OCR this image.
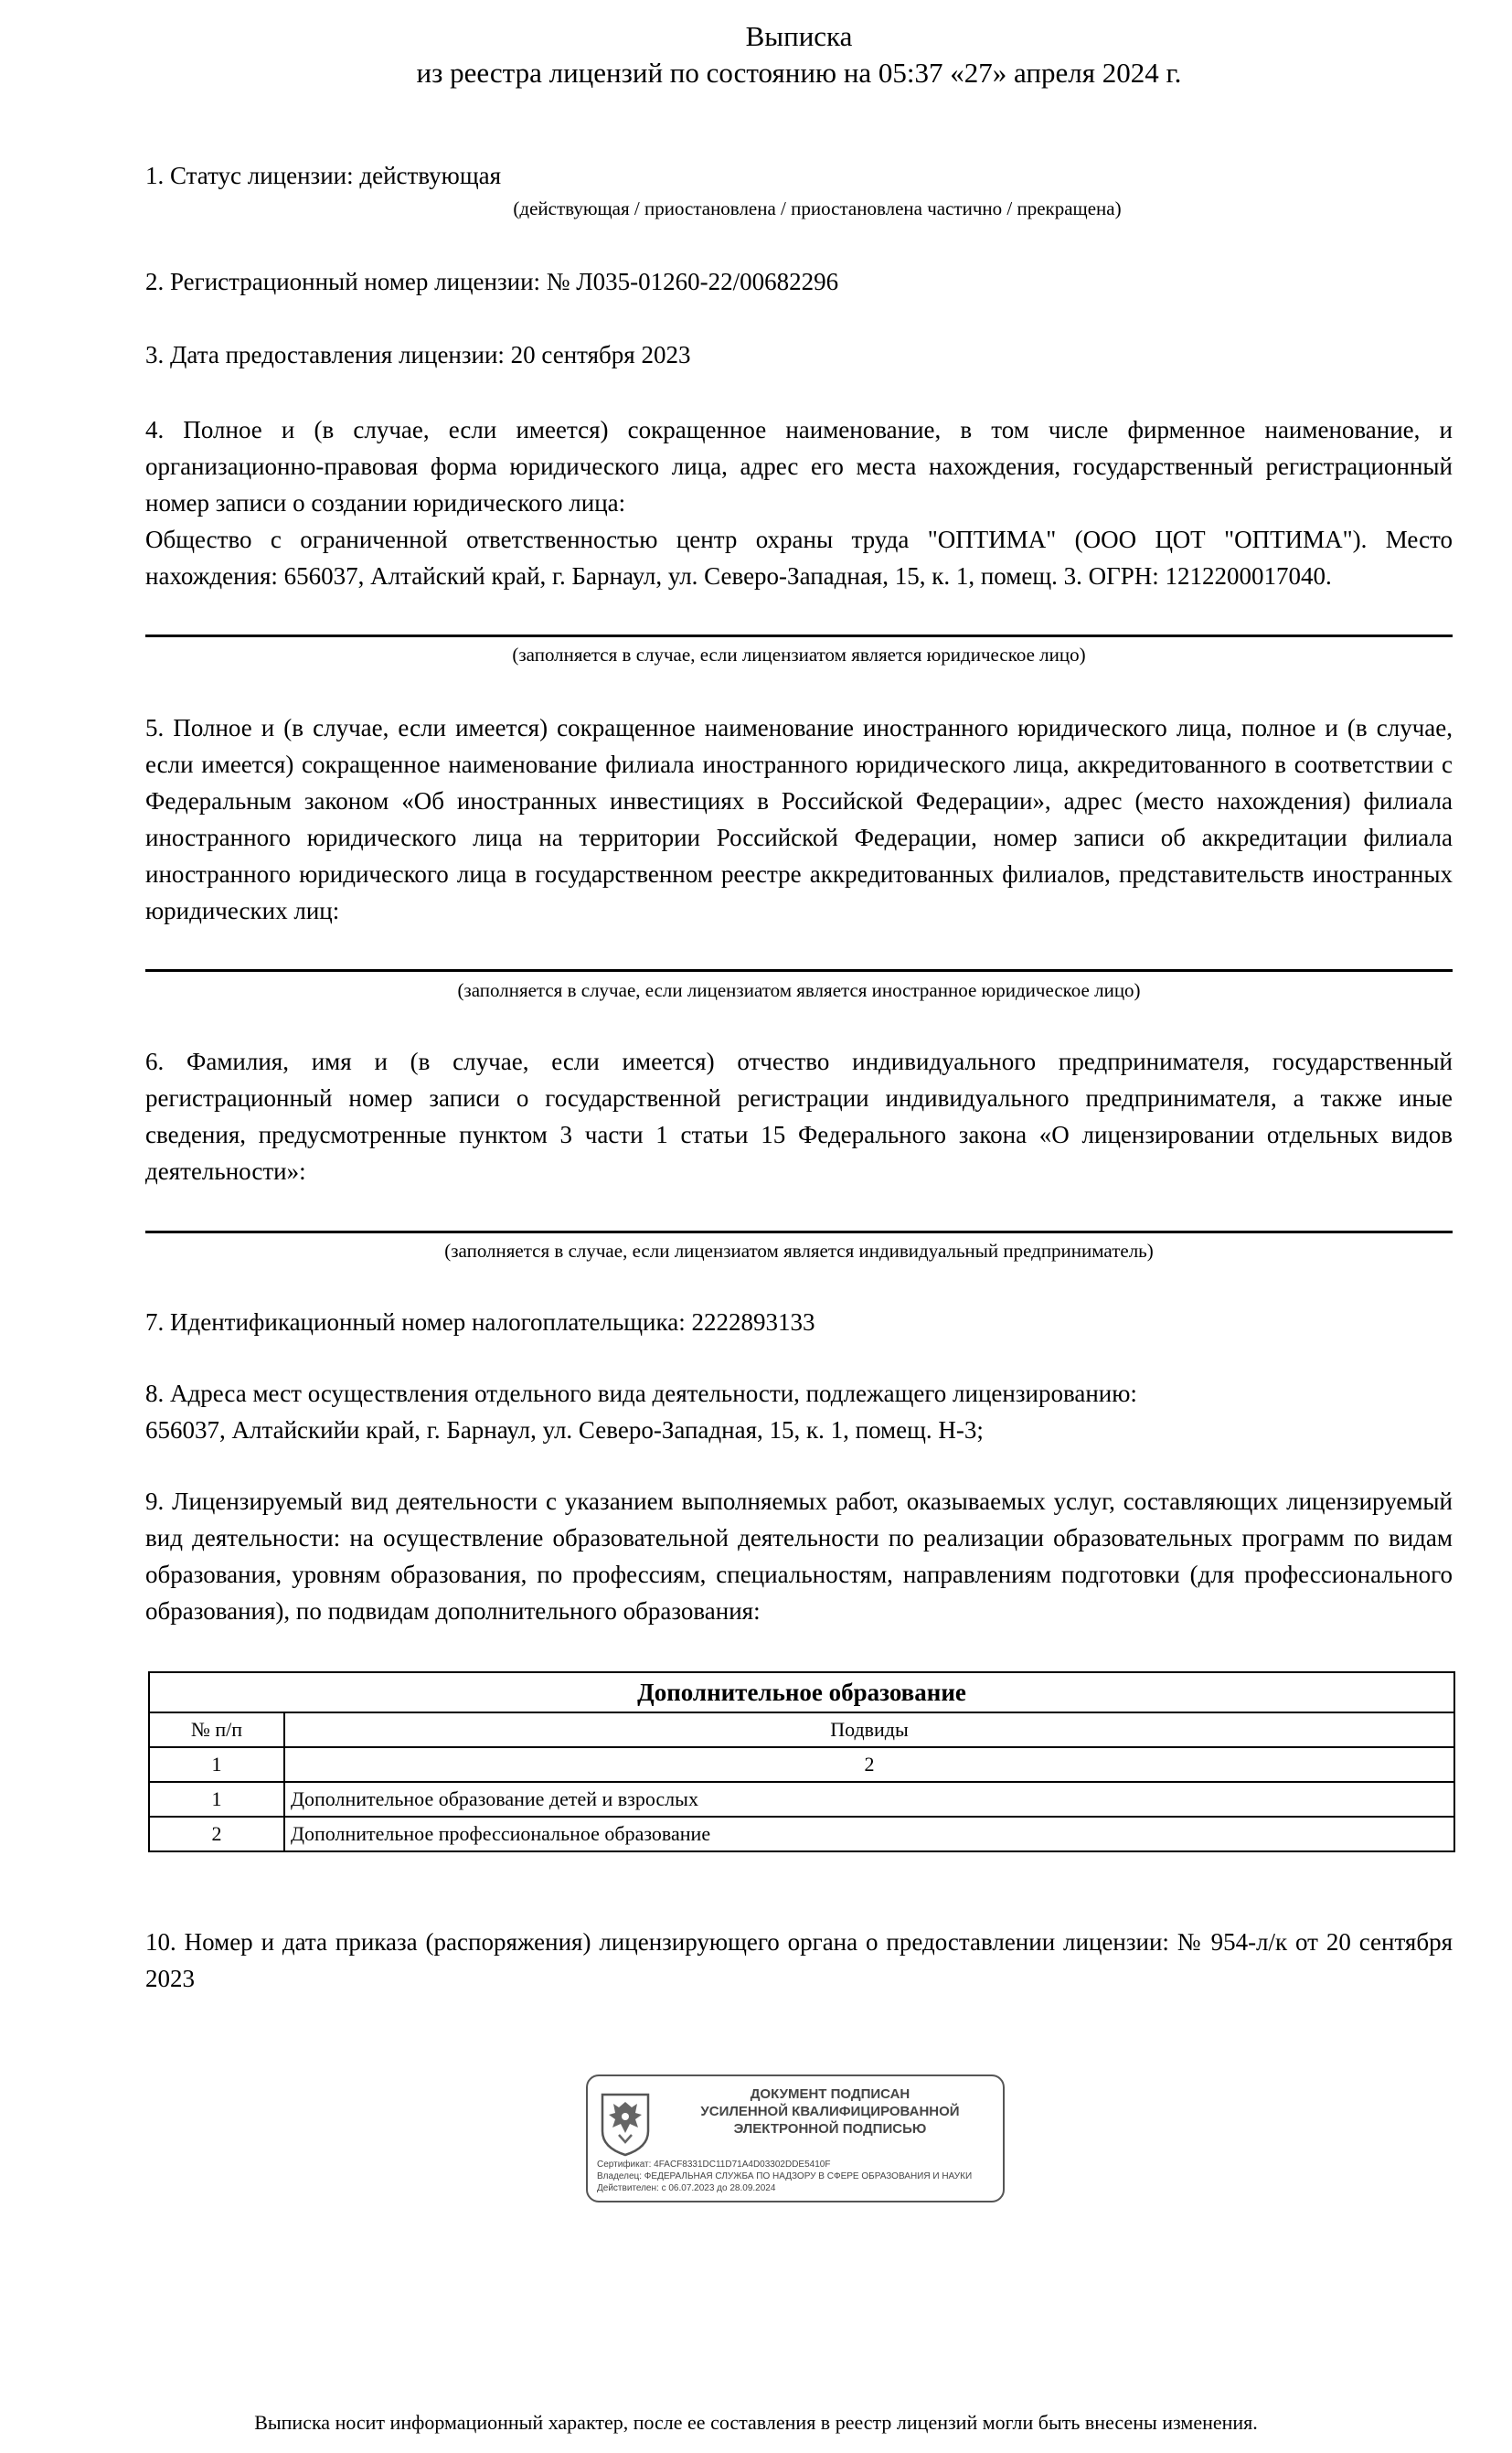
Выписка
из реестра лицензий по состоянию на 05:37 «27» апреля 2024 г.
1. Статус лицензии: действующая
(действующая / приостановлена / приостановлена частично / прекращена)
2. Регистрационный номер лицензии: № Л035-01260-22/00682296
3. Дата предоставления лицензии: 20 сентября 2023

4. Полное и (в случае, если имеется) сокращенное наименование, в том числе фирменное наименование, и организационно-правовая форма юридического лица, адрес его места нахождения, государственный регистрационный номер записи о создании юридического лица:

Общество с ограниченной ответственностью центр охраны труда "ОПТИМА" (ООО ЦОТ "ОПТИМА"). Место нахождения: 656037, Алтайский край, г. Барнаул, ул. Северо-Западная, 15, к. 1, помещ. 3. ОГРН: 1212200017040.

(заполняется в случае, если лицензиатом является юридическое лицо)
5. Полное и (в случае, если имеется) сокращенное наименование иностранного юридического лица, полное и (в случае, если имеется) сокращенное наименование филиала иностранного юридического лица, аккредитованного в соответствии с Федеральным законом «Об иностранных инвестициях в Российской Федерации», адрес (место нахождения) филиала иностранного юридического лица на территории Российской Федерации, номер записи об аккредитации филиала иностранного юридического лица в государственном реестре аккредитованных филиалов, представительств иностранных юридических лиц:
(заполняется в случае, если лицензиатом является иностранное юридическое лицо)
6. Фамилия, имя и (в случае, если имеется) отчество индивидуального предпринимателя, государственный регистрационный номер записи о государственной регистрации индивидуального предпринимателя, а также иные сведения, предусмотренные пунктом 3 части 1 статьи 15 Федерального закона «О лицензировании отдельных видов деятельности»:
(заполняется в случае, если лицензиатом является индивидуальный предприниматель)
7. Идентификационный номер налогоплательщика: 2222893133

8. Адреса мест осуществления отдельного вида деятельности, подлежащего лицензированию:

656037, Алтайскийи край, г. Барнаул, ул. Северо-Западная, 15, к. 1, помещ. Н-3;

9. Лицензируемый вид деятельности с указанием выполняемых работ, оказываемых услуг, составляющих лицензируемый вид деятельности: на осуществление образовательной деятельности по реализации образовательных программ по видам образования, уровням образования, по профессиям, специальностям, направлениям подготовки (для профессионального образования), по подвидам дополнительного образования:
Дополнительное образование	
№ п/п	Подвиды
1	2
1	Дополнительное образование детей и взрослых
2	Дополнительное профессиональное образование
10. Номер и дата приказа (распоряжения) лицензирующего органа о предоставлении лицензии: № 954-л/к от 20 сентября 2023
ДОКУМЕНТ ПОДПИСАН
УСИЛЕННОЙ КВАЛИФИЦИРОВАННОЙ
ЭЛЕКТРОННОЙ ПОДПИСЬЮ
Сертификат: 4FACF8331DC11D71A4D03302DDE5410F
Владелец: ФЕДЕРАЛЬНАЯ СЛУЖБА ПО НАДЗОРУ В СФЕРЕ ОБРАЗОВАНИЯ И НАУКИ
Действителен: с 06.07.2023 до 28.09.2024
Выписка носит информационный характер, после ее составления в реестр лицензий могли быть внесены изменения.
